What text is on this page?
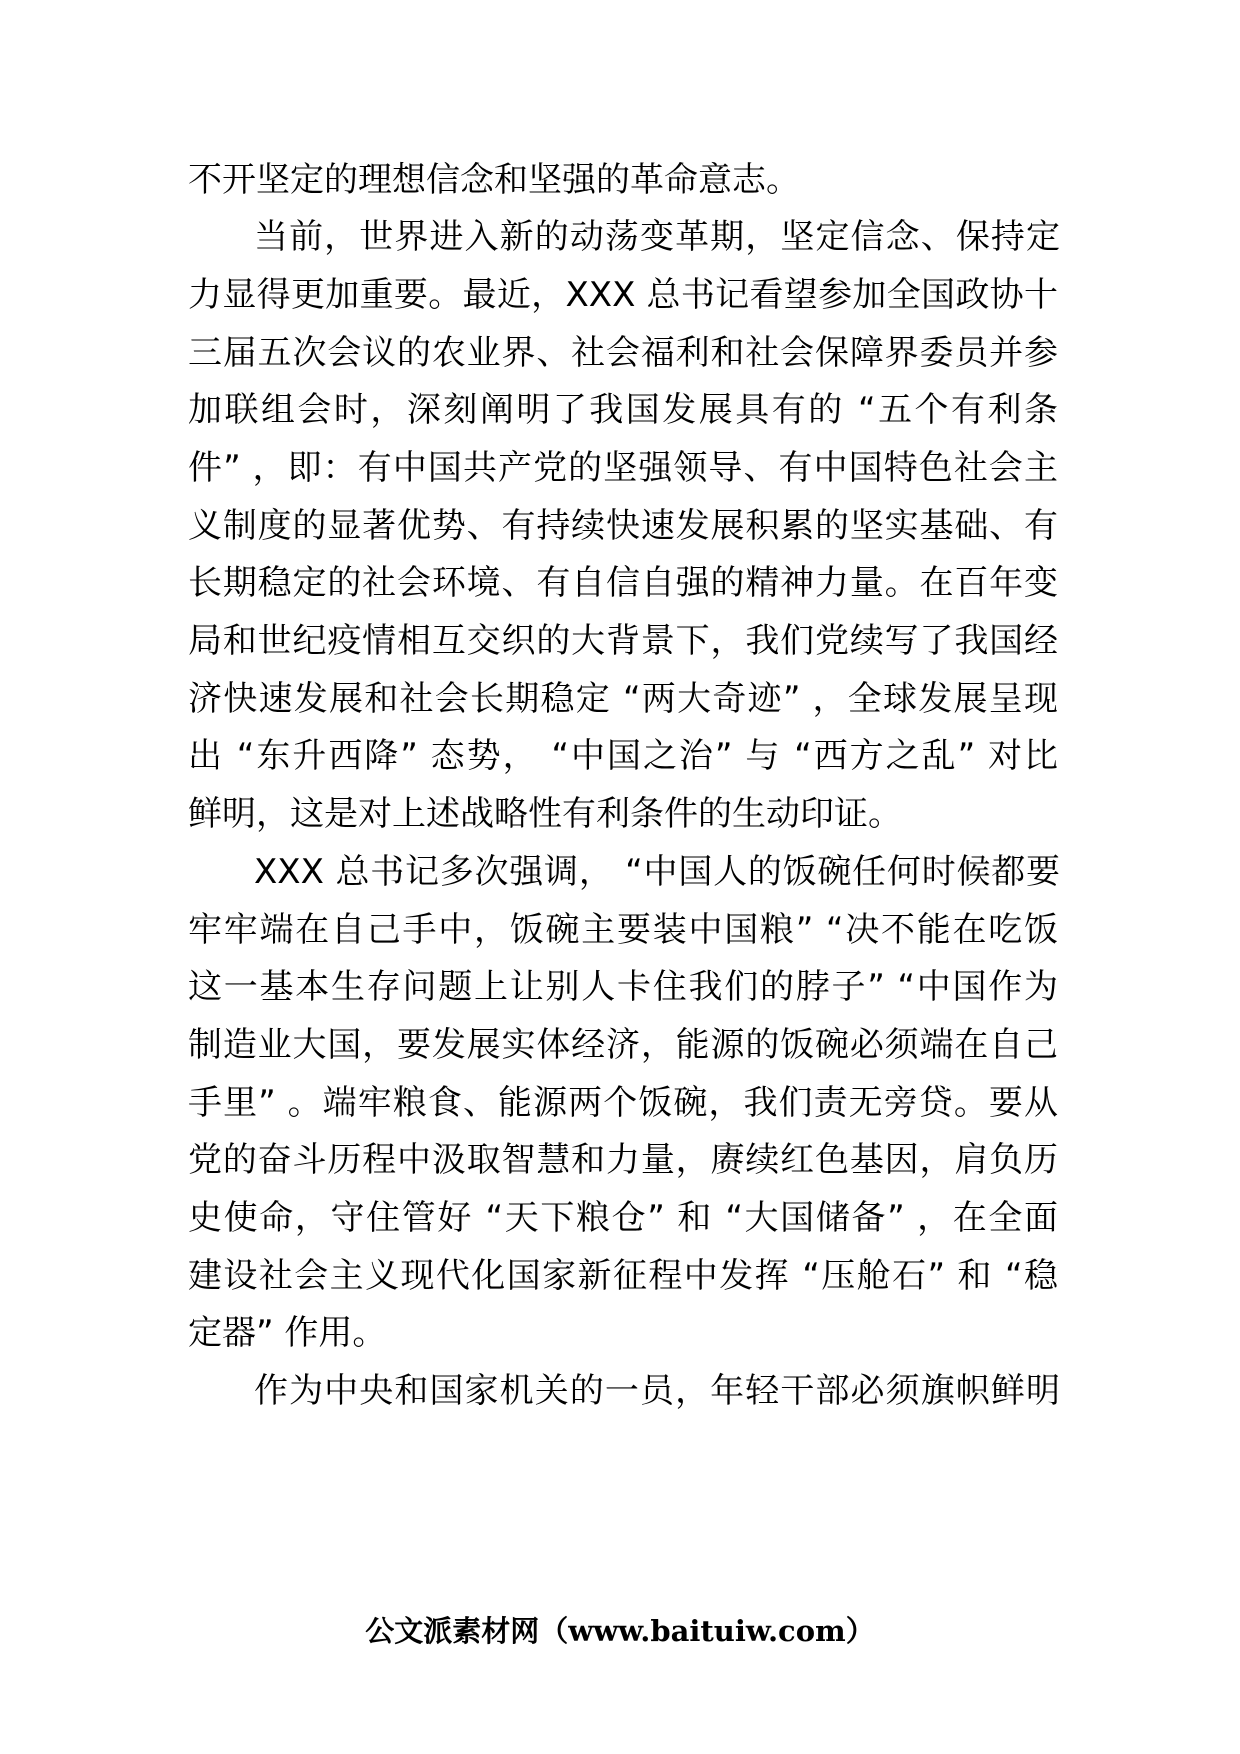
不开坚定的理想信念和坚强的革命意志。
当前，世界进入新的动荡变革期，坚定信念、保持定
力显得更加重要。最近，XXX 总书记看望参加全国政协十
三届五次会议的农业界、社会福利和社会保障界委员并参
加联组会时，深刻阐明了我国发展具有的 “五个有利条
件” ，即：有中国共产党的坚强领导、有中国特色社会主
义制度的显著优势、有持续快速发展积累的坚实基础、有
长期稳定的社会环境、有自信自强的精神力量。在百年变
局和世纪疫情相互交织的大背景下，我们党续写了我国经
济快速发展和社会长期稳定 “两大奇迹” ，全球发展呈现
出 “东升西降” 态势， “中国之治” 与 “西方之乱” 对比
鲜明，这是对上述战略性有利条件的生动印证。
XXX 总书记多次强调， “中国人的饭碗任何时候都要
牢牢端在自己手中，饭碗主要装中国粮” “决不能在吃饭
这一基本生存问题上让别人卡住我们的脖子” “中国作为
制造业大国，要发展实体经济，能源的饭碗必须端在自己
手里” 。端牢粮食、能源两个饭碗，我们责无旁贷。要从
党的奋斗历程中汲取智慧和力量，赓续红色基因，肩负历
史使命，守住管好 “天下粮仓” 和 “大国储备” ，在全面
建设社会主义现代化国家新征程中发挥 “压舱石” 和 “稳
定器” 作用。
作为中央和国家机关的一员，年轻干部必须旗帜鲜明
公文派素材网（www.baituiw.com）
